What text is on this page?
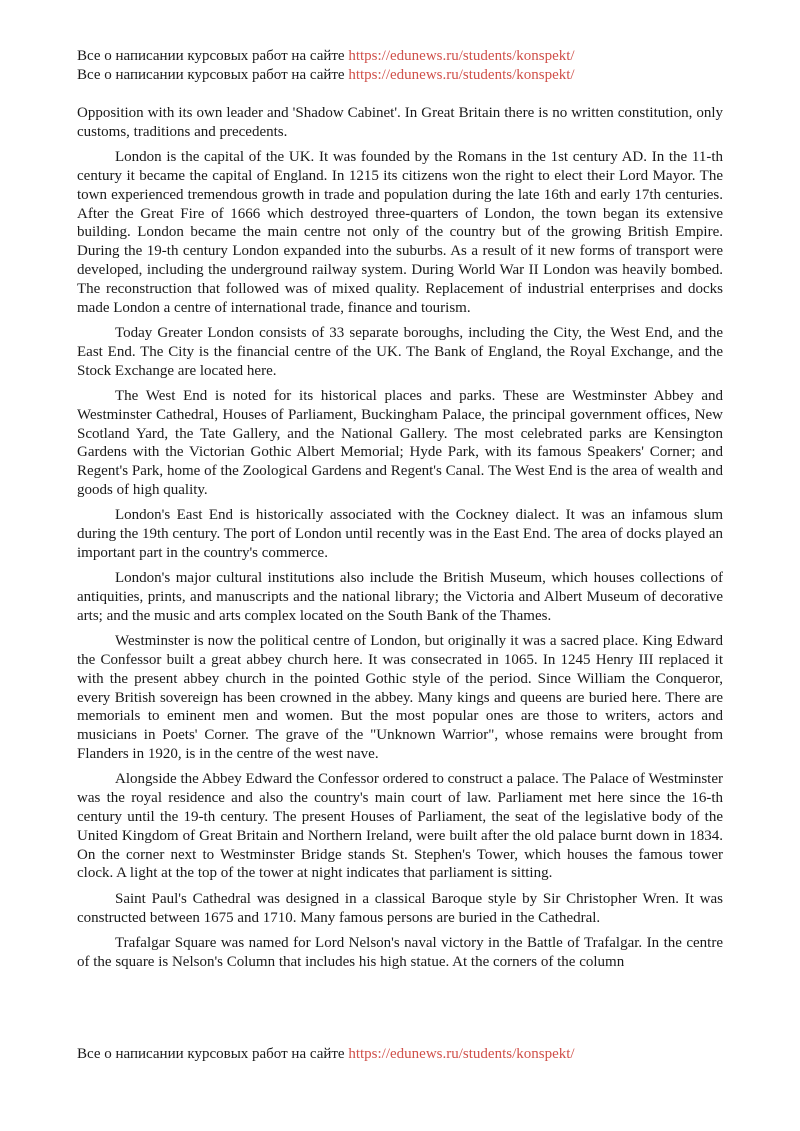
Все о написании курсовых работ на сайте https://edunews.ru/students/konspekt/
Все о написании курсовых работ на сайте https://edunews.ru/students/konspekt/

Opposition with its own leader and 'Shadow Cabinet'. In Great Britain there is no written constitution, only customs, traditions and precedents.

London is the capital of the UK. It was founded by the Romans in the 1st century AD. In the 11-th century it became the capital of England. In 1215 its citizens won the right to elect their Lord Mayor. The town experienced tremendous growth in trade and population during the late 16th and early 17th centuries. After the Great Fire of 1666 which destroyed three-quarters of London, the town began its extensive building. London became the main centre not only of the country but of the growing British Empire. During the 19-th century London expanded into the suburbs. As a result of it new forms of transport were developed, including the underground railway system. During World War II London was heavily bombed. The reconstruction that followed was of mixed quality. Replacement of industrial enterprises and docks made London a centre of international trade, finance and tourism.

Today Greater London consists of 33 separate boroughs, including the City, the West End, and the East End. The City is the financial centre of the UK. The Bank of England, the Royal Exchange, and the Stock Exchange are located here.

The West End is noted for its historical places and parks. These are Westminster Abbey and Westminster Cathedral, Houses of Parliament, Buckingham Palace, the principal government offices, New Scotland Yard, the Tate Gallery, and the National Gallery. The most celebrated parks are Kensington Gardens with the Victorian Gothic Albert Memorial; Hyde Park, with its famous Speakers' Corner; and Regent's Park, home of the Zoological Gardens and Regent's Canal. The West End is the area of wealth and goods of high quality.

London's East End is historically associated with the Cockney dialect. It was an infamous slum during the 19th century. The port of London until recently was in the East End. The area of docks played an important part in the country's commerce.

London's major cultural institutions also include the British Museum, which houses collections of antiquities, prints, and manuscripts and the national library; the Victoria and Albert Museum of decorative arts; and the music and arts complex located on the South Bank of the Thames.

Westminster is now the political centre of London, but originally it was a sacred place. King Edward the Confessor built a great abbey church here. It was consecrated in 1065. In 1245 Henry III replaced it with the present abbey church in the pointed Gothic style of the period. Since William the Conqueror, every British sovereign has been crowned in the abbey. Many kings and queens are buried here. There are memorials to eminent men and women. But the most popular ones are those to writers, actors and musicians in Poets' Corner. The grave of the "Unknown Warrior", whose remains were brought from Flanders in 1920, is in the centre of the west nave.

Alongside the Abbey Edward the Confessor ordered to construct a palace. The Palace of Westminster was the royal residence and also the country's main court of law. Parliament met here since the 16-th century until the 19-th century. The present Houses of Parliament, the seat of the legislative body of the United Kingdom of Great Britain and Northern Ireland, were built after the old palace burnt down in 1834. On the corner next to Westminster Bridge stands St. Stephen's Tower, which houses the famous tower clock. A light at the top of the tower at night indicates that parliament is sitting.

Saint Paul's Cathedral was designed in a classical Baroque style by Sir Christopher Wren. It was constructed between 1675 and 1710. Many famous persons are buried in the Cathedral.

Trafalgar Square was named for Lord Nelson's naval victory in the Battle of Trafalgar. In the centre of the square is Nelson's Column that includes his high statue. At the corners of the column

Все о написании курсовых работ на сайте https://edunews.ru/students/konspekt/
